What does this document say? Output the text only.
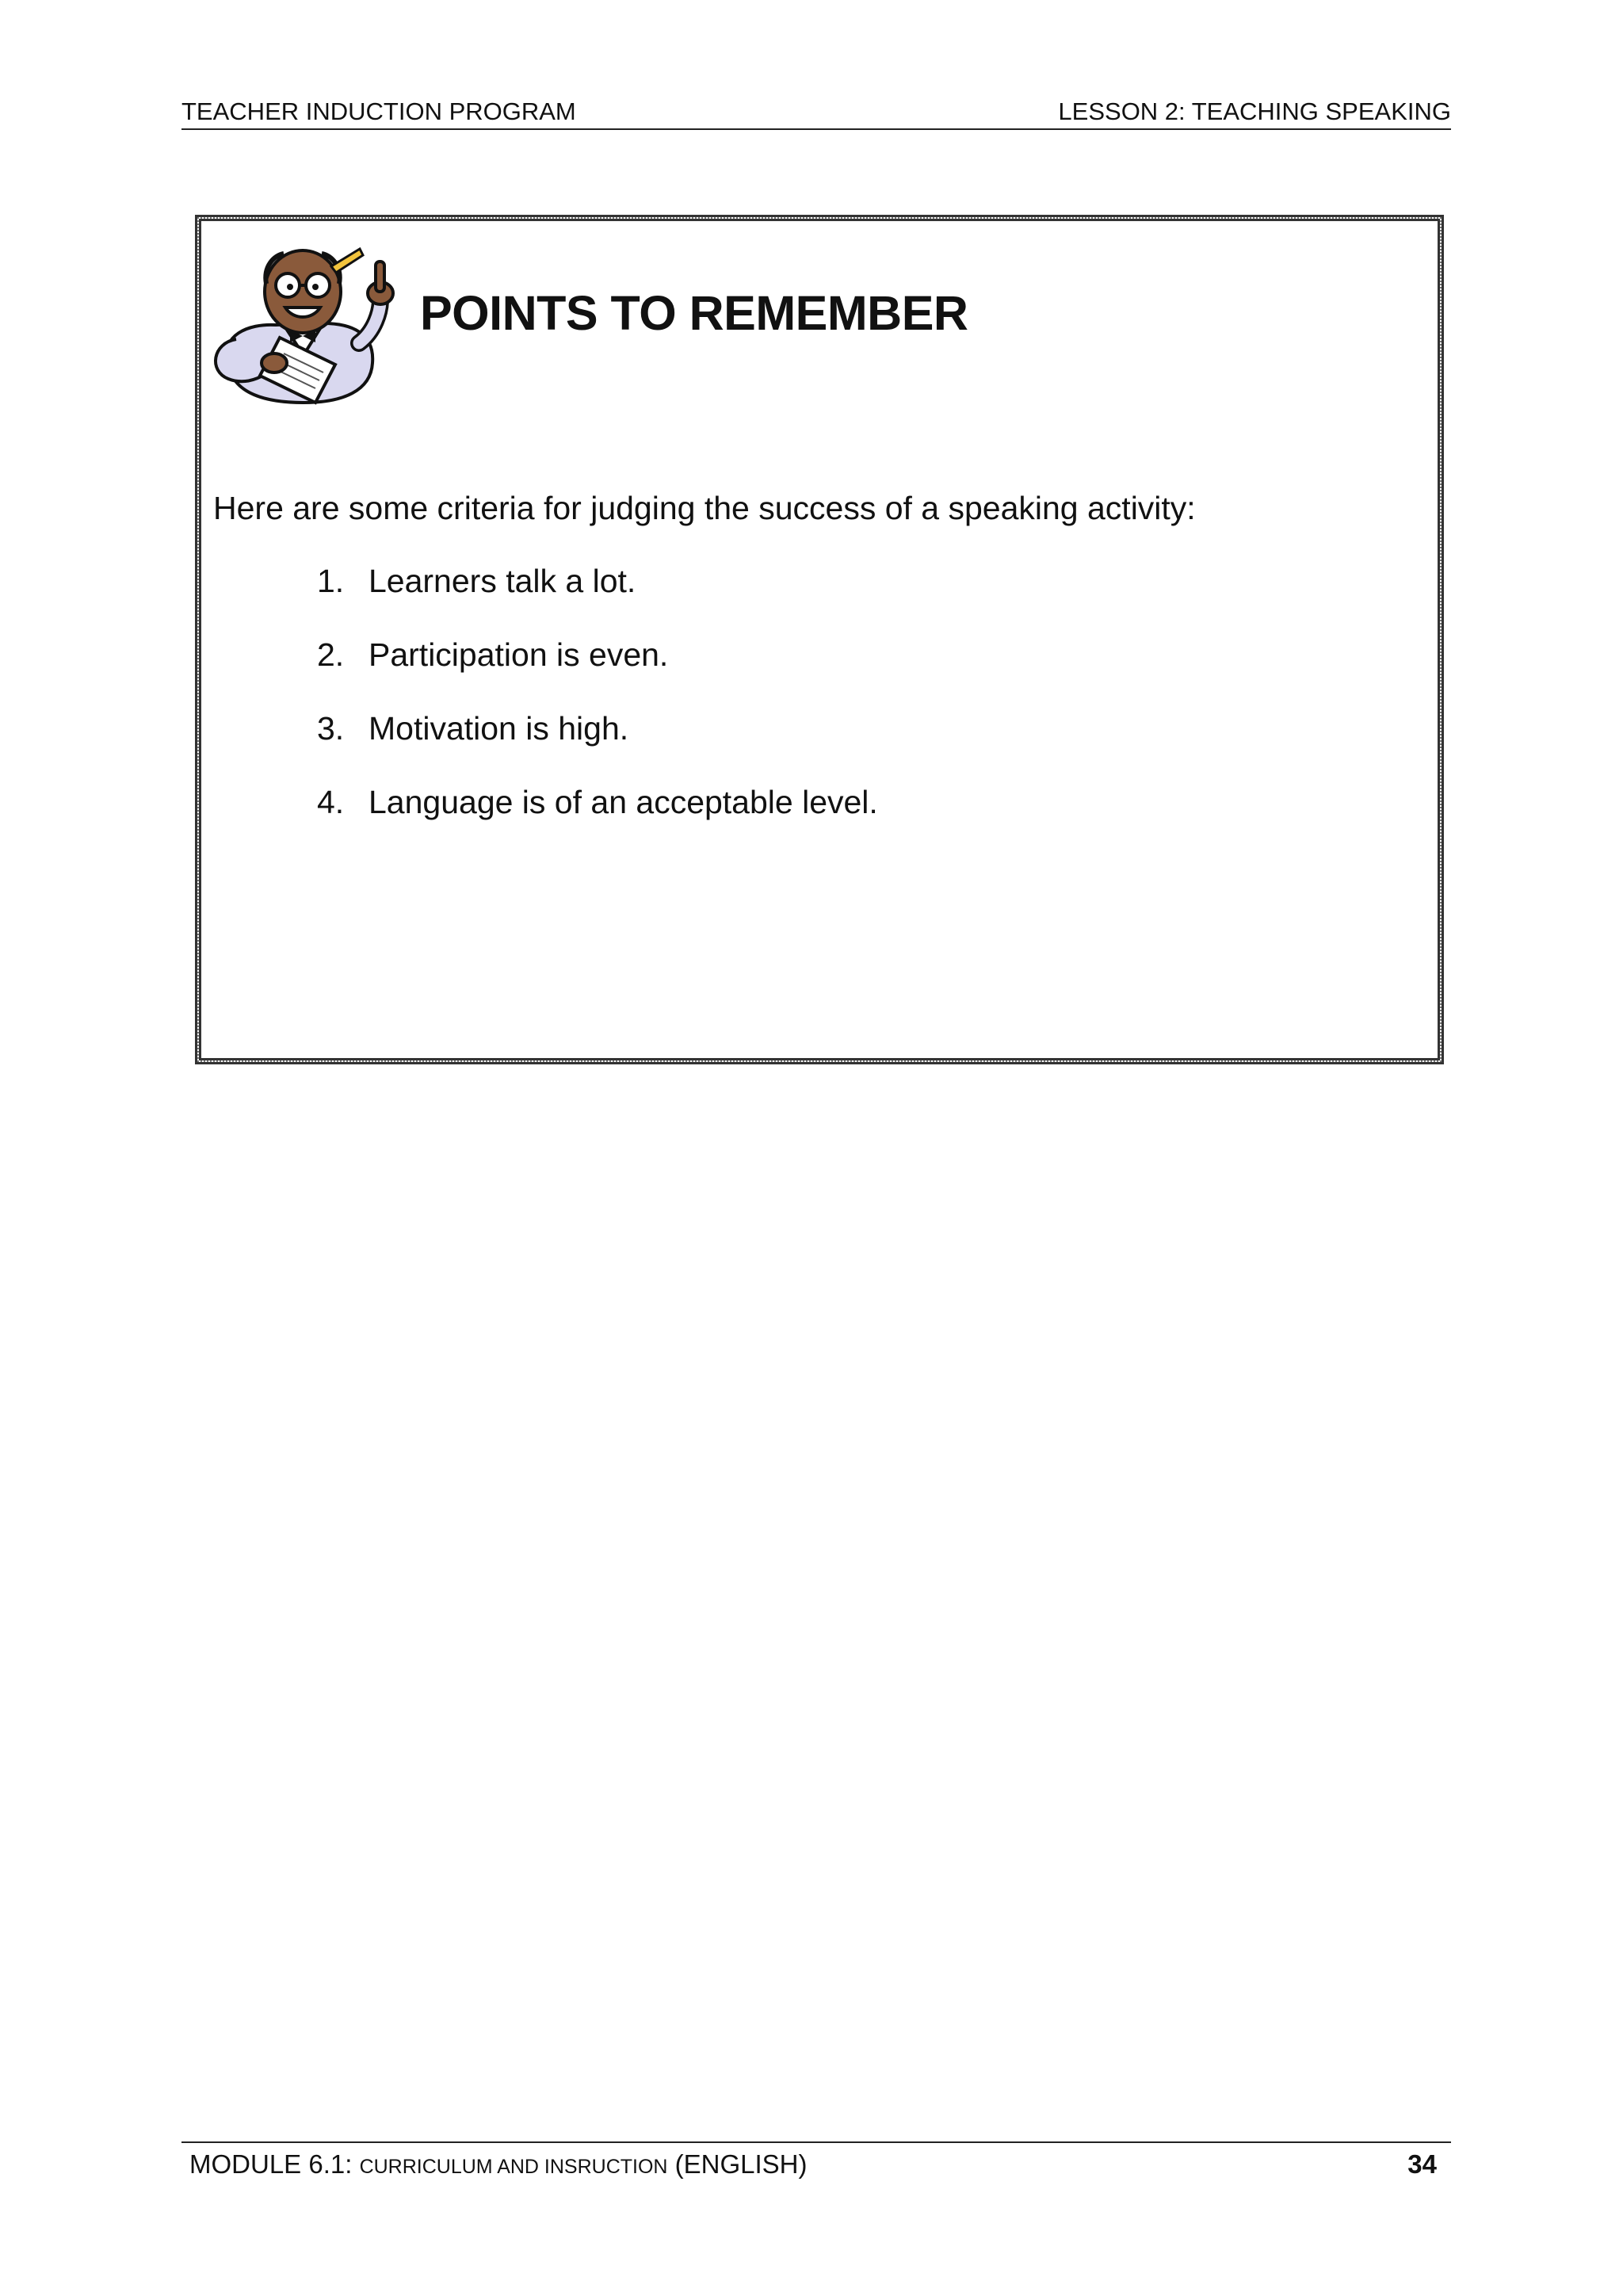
TEACHER INDUCTION PROGRAM	LESSON 2: TEACHING SPEAKING
POINTS TO REMEMBER
Here are some criteria for judging the success of a speaking activity:
1. Learners talk a lot.
2. Participation is even.
3. Motivation is high.
4. Language is of an acceptable level.
MODULE 6.1: CURRICULUM AND INSRUCTION (ENGLISH)	34
